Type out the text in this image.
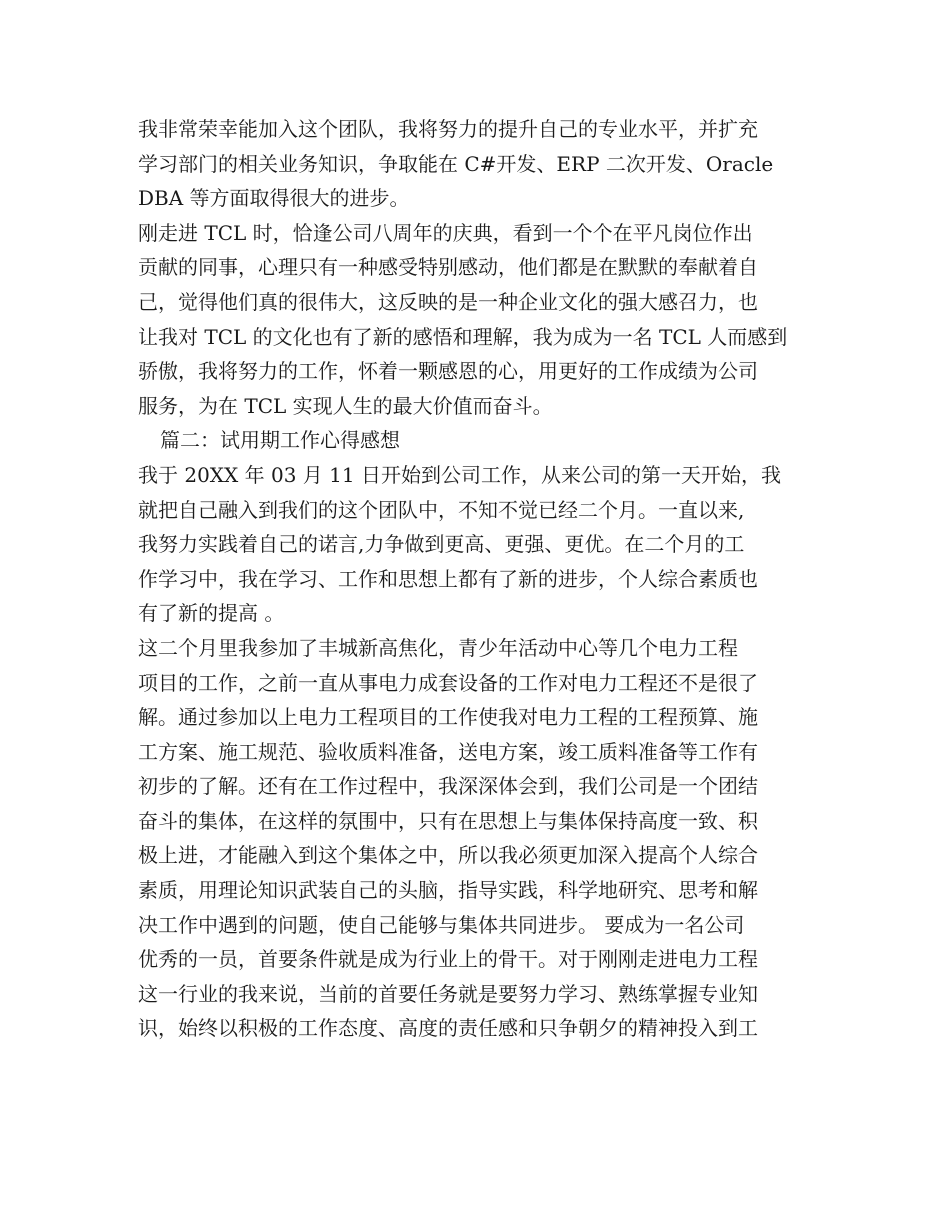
我非常荣幸能加入这个团队，我将努力的提升自己的专业水平，并扩充
学习部门的相关业务知识，争取能在 C#开发、ERP 二次开发、Oracle
DBA 等方面取得很大的进步。
刚走进 TCL 时，恰逢公司八周年的庆典，看到一个个在平凡岗位作出
贡献的同事，心理只有一种感受特别感动，他们都是在默默的奉献着自
己，觉得他们真的很伟大，这反映的是一种企业文化的强大感召力，也
让我对 TCL 的文化也有了新的感悟和理解，我为成为一名 TCL 人而感到
骄傲，我将努力的工作，怀着一颗感恩的心，用更好的工作成绩为公司
服务，为在 TCL 实现人生的最大价值而奋斗。
篇二：试用期工作心得感想
我于 20XX 年 03 月 11 日开始到公司工作，从来公司的第一天开始，我
就把自己融入到我们的这个团队中，不知不觉已经二个月。一直以来,
我努力实践着自己的诺言,力争做到更高、更强、更优。在二个月的工
作学习中，我在学习、工作和思想上都有了新的进步，个人综合素质也
有了新的提高 。
这二个月里我参加了丰城新高焦化，青少年活动中心等几个电力工程
项目的工作，之前一直从事电力成套设备的工作对电力工程还不是很了
解。通过参加以上电力工程项目的工作使我对电力工程的工程预算、施
工方案、施工规范、验收质料准备，送电方案，竣工质料准备等工作有
初步的了解。还有在工作过程中，我深深体会到，我们公司是一个团结
奋斗的集体，在这样的氛围中，只有在思想上与集体保持高度一致、积
极上进，才能融入到这个集体之中，所以我必须更加深入提高个人综合
素质，用理论知识武装自己的头脑，指导实践，科学地研究、思考和解
决工作中遇到的问题，使自己能够与集体共同进步。 要成为一名公司
优秀的一员，首要条件就是成为行业上的骨干。对于刚刚走进电力工程
这一行业的我来说，当前的首要任务就是要努力学习、熟练掌握专业知
识，始终以积极的工作态度、高度的责任感和只争朝夕的精神投入到工
